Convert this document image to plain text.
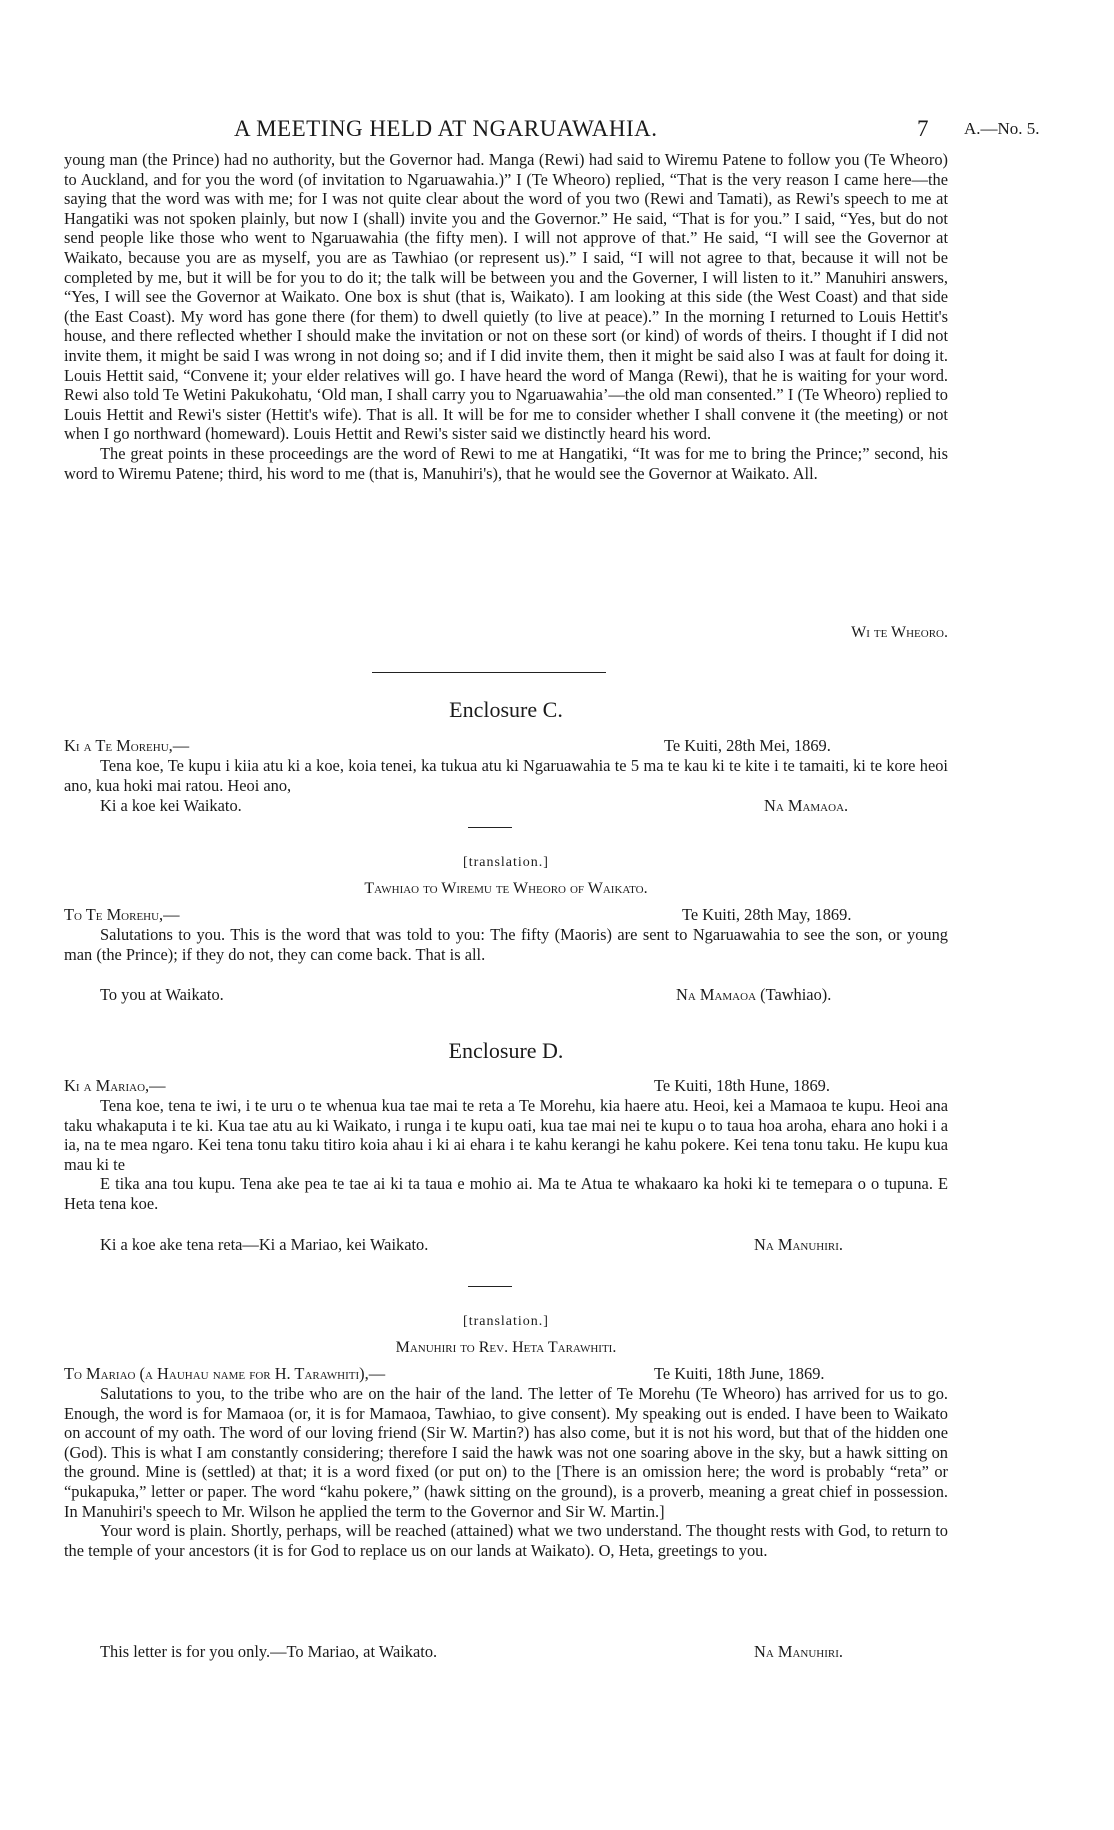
A MEETING HELD AT NGARUAWAHIA.	7 A.—No. 5.

young man (the Prince) had no authority, but the Governor had. Manga (Rewi) had said to Wiremu Patene to follow you (Te Wheoro) to Auckland, and for you the word (of invitation to Ngaruawahia.)” I (Te Wheoro) replied, “That is the very reason I came here—the saying that the word was with me; for I was not quite clear about the word of you two (Rewi and Tamati), as Rewi's speech to me at Hangatiki was not spoken plainly, but now I (shall) invite you and the Governor.” He said, “That is for you.” I said, “Yes, but do not send people like those who went to Ngaruawahia (the fifty men). I will not approve of that.” He said, “I will see the Governor at Waikato, because you are as myself, you are as Tawhiao (or represent us).” I said, “I will not agree to that, because it will not be completed by me, but it will be for you to do it; the talk will be between you and the Governer, I will listen to it.” Manuhiri answers, “Yes, I will see the Governor at Waikato. One box is shut (that is, Waikato). I am looking at this side (the West Coast) and that side (the East Coast). My word has gone there (for them) to dwell quietly (to live at peace).” In the morning I returned to Louis Hettit's house, and there reflected whether I should make the invitation or not on these sort (or kind) of words of theirs. I thought if I did not invite them, it might be said I was wrong in not doing so; and if I did invite them, then it might be said also I was at fault for doing it. Louis Hettit said, “Convene it; your elder relatives will go. I have heard the word of Manga (Rewi), that he is waiting for your word. Rewi also told Te Wetini Pakukohatu, ‘Old man, I shall carry you to Ngaruawahia’—the old man consented.” I (Te Wheoro) replied to Louis Hettit and Rewi's sister (Hettit's wife). That is all. It will be for me to consider whether I shall convene it (the meeting) or not when I go northward (homeward). Louis Hettit and Rewi's sister said we distinctly heard his word.

The great points in these proceedings are the word of Rewi to me at Hangatiki, “It was for me to bring the Prince;” second, his word to Wiremu Patene; third, his word to me (that is, Manuhiri's), that he would see the Governor at Waikato. All.

Wi te Wheoro.
Enclosure C.
Ki a Te Morehu,—	Te Kuiti, 28th Mei, 1869.

Tena koe, Te kupu i kiia atu ki a koe, koia tenei, ka tukua atu ki Ngaruawahia te 5 ma te kau ki te kite i te tamaiti, ki te kore heoi ano, kua hoki mai ratou. Heoi ano,

Ki a koe kei Waikato.	Na Mamaoa.
[translation.]
Tawhiao to Wiremu te Wheoro of Waikato.
To Te Morehu,—	Te Kuiti, 28th May, 1869.

Salutations to you. This is the word that was told to you: The fifty (Maoris) are sent to Ngaruawahia to see the son, or young man (the Prince); if they do not, they can come back. That is all.

To you at Waikato.	Na Mamaoa (Tawhiao).
Enclosure D.
Ki a Mariao,—	Te Kuiti, 18th Hune, 1869.

Tena koe, tena te iwi, i te uru o te whenua kua tae mai te reta a Te Morehu, kia haere atu. Heoi, kei a Mamaoa te kupu. Heoi ana taku whakaputa i te ki. Kua tae atu au ki Waikato, i runga i te kupu oati, kua tae mai nei te kupu o to taua hoa aroha, ehara ano hoki i a ia, na te mea ngaro. Kei tena tonu taku titiro koia ahau i ki ai ehara i te kahu kerangi he kahu pokere. Kei tena tonu taku. He kupu kua mau ki te

E tika ana tou kupu. Tena ake pea te tae ai ki ta taua e mohio ai. Ma te Atua te whakaaro ka hoki ki te temepara o o tupuna. E Heta tena koe.

Ki a koe ake tena reta—Ki a Mariao, kei Waikato.	Na Manuhiri.
[translation.]
Manuhiri to Rev. Heta Tarawhiti.
To Mariao (a Hauhau name for H. Tarawhiti),—	Te Kuiti, 18th June, 1869.

Salutations to you, to the tribe who are on the hair of the land. The letter of Te Morehu (Te Wheoro) has arrived for us to go. Enough, the word is for Mamaoa (or, it is for Mamaoa, Tawhiao, to give consent). My speaking out is ended. I have been to Waikato on account of my oath. The word of our loving friend (Sir W. Martin?) has also come, but it is not his word, but that of the hidden one (God). This is what I am constantly considering; therefore I said the hawk was not one soaring above in the sky, but a hawk sitting on the ground. Mine is (settled) at that; it is a word fixed (or put on) to the [There is an omission here; the word is probably “reta” or “pukapuka,” letter or paper. The word “kahu pokere,” (hawk sitting on the ground), is a proverb, meaning a great chief in possession. In Manuhiri's speech to Mr. Wilson he applied the term to the Governor and Sir W. Martin.]

Your word is plain. Shortly, perhaps, will be reached (attained) what we two understand. The thought rests with God, to return to the temple of your ancestors (it is for God to replace us on our lands at Waikato). O, Heta, greetings to you.

This letter is for you only.—To Mariao, at Waikato.	Na Manuhiri.
